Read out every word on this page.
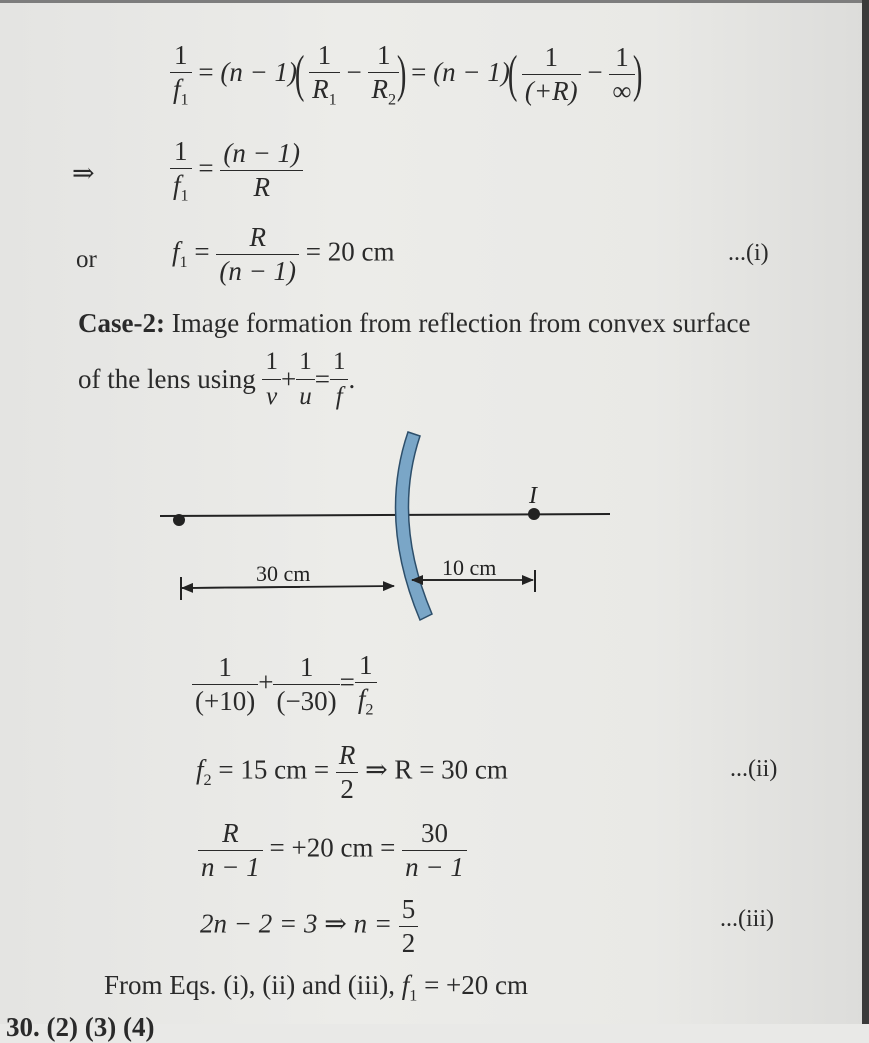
$\frac{1}{f_1} = (n - 1)( \frac{1}{R_1} - \frac{1}{R_2}$
) = $(n - 1)( \frac{1}{(+R)} - \frac{1}{\infty}$
)
⇒	$\frac{1}{f_1} = \frac{(n - 1)}{R}$
or	$f_1 = \frac{R}{(n - 1)} = 20$ cm	...(i)
Case-2: Image formation from reflection from convex surface
of the lens using $\frac{1}{v} + \frac{1}{u} = \frac{1}{f}$ .
I
30 cm	10 cm
$\frac{1}{(+10)} + \frac{1}{(-30)} = \frac{1}{f_2}$
$f_2 = 15$ cm = $\frac{R}{2}$ ⇒ R = 30 cm	...(ii)
$\frac{R}{n - 1} = +20$ cm = $\frac{30}{n - 1}$
2n − 2 = 3 ⇒ $n = \frac{5}{2}$	...(iii)
From Eqs. (i), (ii) and (iii), $f_1 = +20$ cm
30. (2) (3) (4)
